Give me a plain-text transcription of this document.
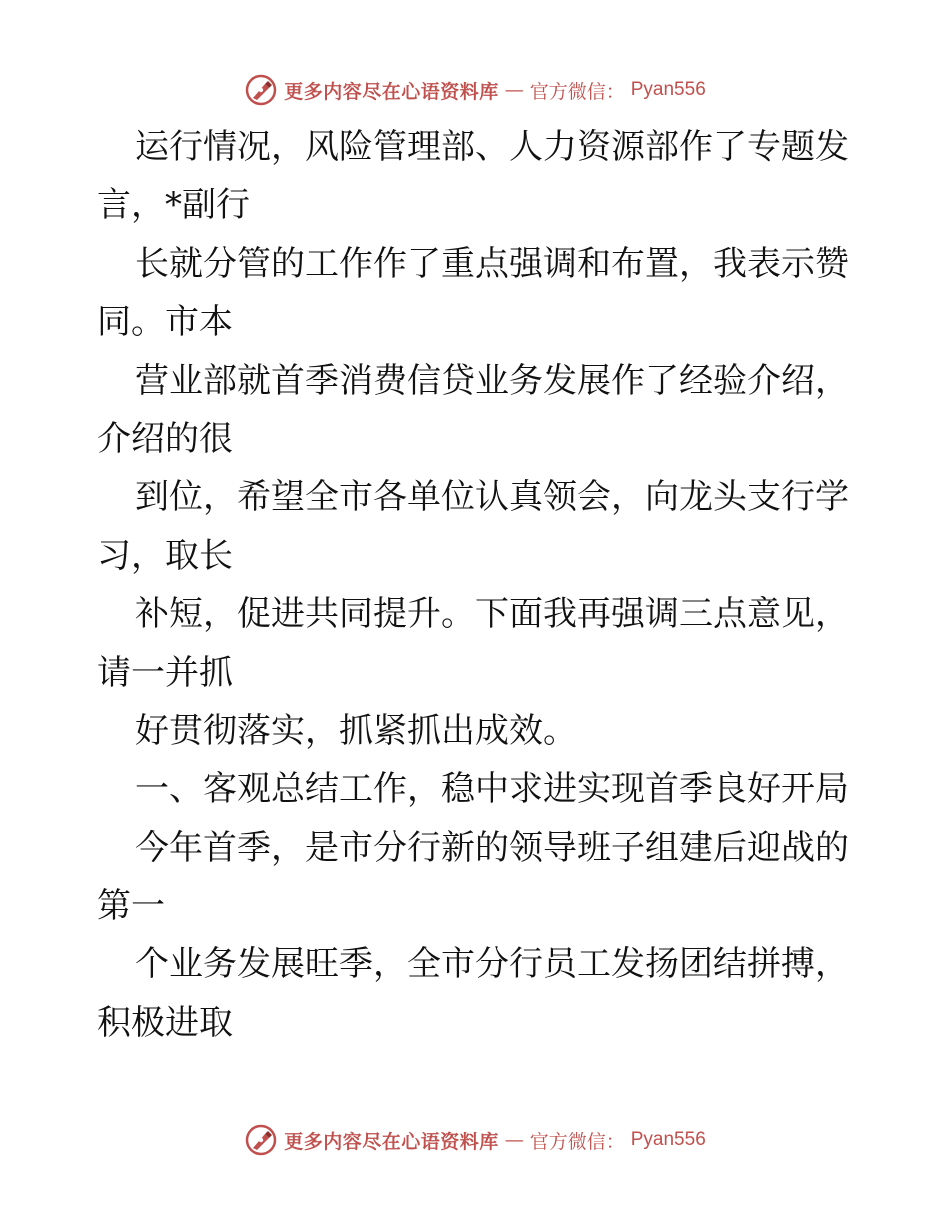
更多内容尽在心语资料库 — 官方微信： Pyan556
运行情况，风险管理部、人力资源部作了专题发
言，*副行
长就分管的工作作了重点强调和布置，我表示赞
同。市本
营业部就首季消费信贷业务发展作了经验介绍，
介绍的很
到位，希望全市各单位认真领会，向龙头支行学
习，取长
补短，促进共同提升。下面我再强调三点意见，
请一并抓
好贯彻落实，抓紧抓出成效。
一、客观总结工作，稳中求进实现首季良好开局
今年首季，是市分行新的领导班子组建后迎战的
第一
个业务发展旺季，全市分行员工发扬团结拼搏，
积极进取
更多内容尽在心语资料库 — 官方微信： Pyan556
